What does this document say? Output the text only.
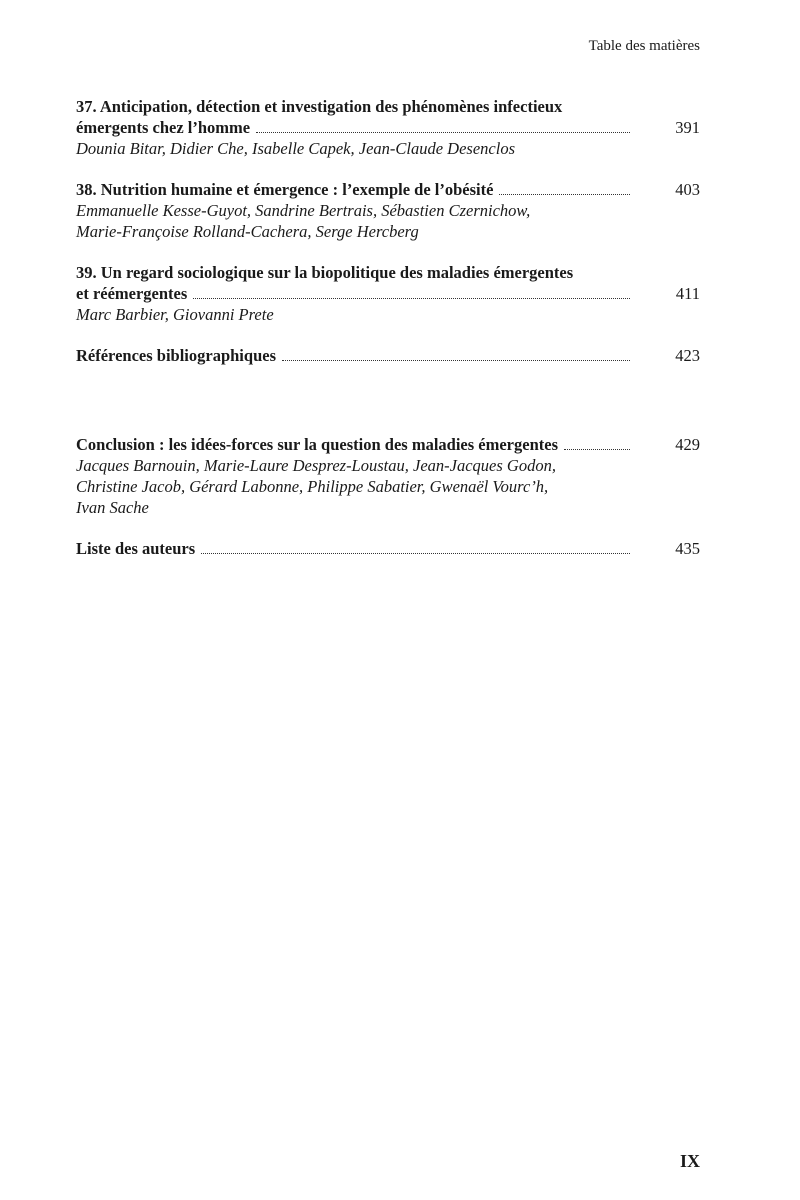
Table des matières

37. Anticipation, détection et investigation des phénomènes infectieux

émergents chez l’homme	391

Dounia Bitar, Didier Che, Isabelle Capek, Jean-Claude Desenclos

38. Nutrition humaine et émergence : l’exemple de l’obésité	403

Emmanuelle Kesse-Guyot, Sandrine Bertrais, Sébastien Czernichow,

Marie-Françoise Rolland-Cachera, Serge Hercberg

39. Un regard sociologique sur la biopolitique des maladies émergentes

et réémergentes	411

Marc Barbier, Giovanni Prete

Références bibliographiques	423
Conclusion : les idées-forces sur la question des maladies émergentes	429

Jacques Barnouin, Marie-Laure Desprez-Loustau, Jean-Jacques Godon,

Christine Jacob, Gérard Labonne, Philippe Sabatier, Gwenaël Vourc’h,

Ivan Sache

Liste des auteurs	435
IX
